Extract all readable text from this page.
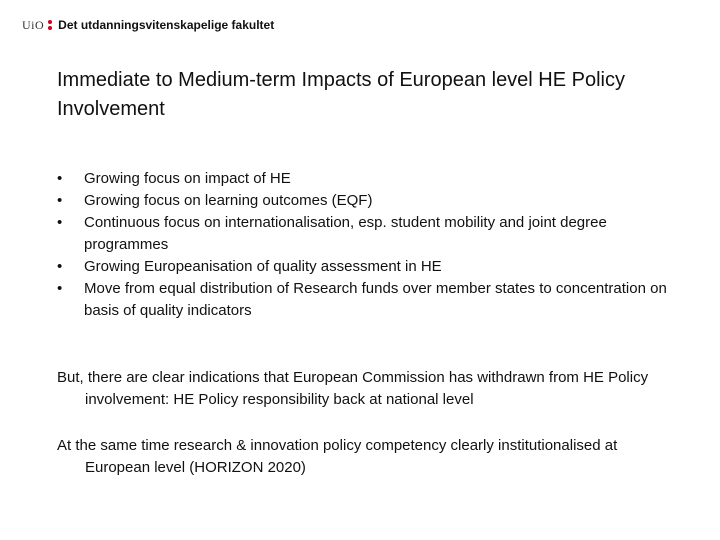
UiO Det utdanningsvitenskapelige fakultet
Immediate to Medium-term Impacts of European level HE Policy Involvement
•	Growing focus on impact of HE
•	Growing focus on learning outcomes (EQF)
•	Continuous focus on internationalisation, esp. student mobility and joint degree programmes
•	Growing Europeanisation of quality assessment in HE
•	Move from equal distribution of Research funds over member states to concentration on basis of quality indicators

But, there are clear indications that European Commission has withdrawn from HE Policy involvement: HE Policy responsibility back at national level

At the same time research & innovation policy competency clearly institutionalised at European level (HORIZON 2020)
